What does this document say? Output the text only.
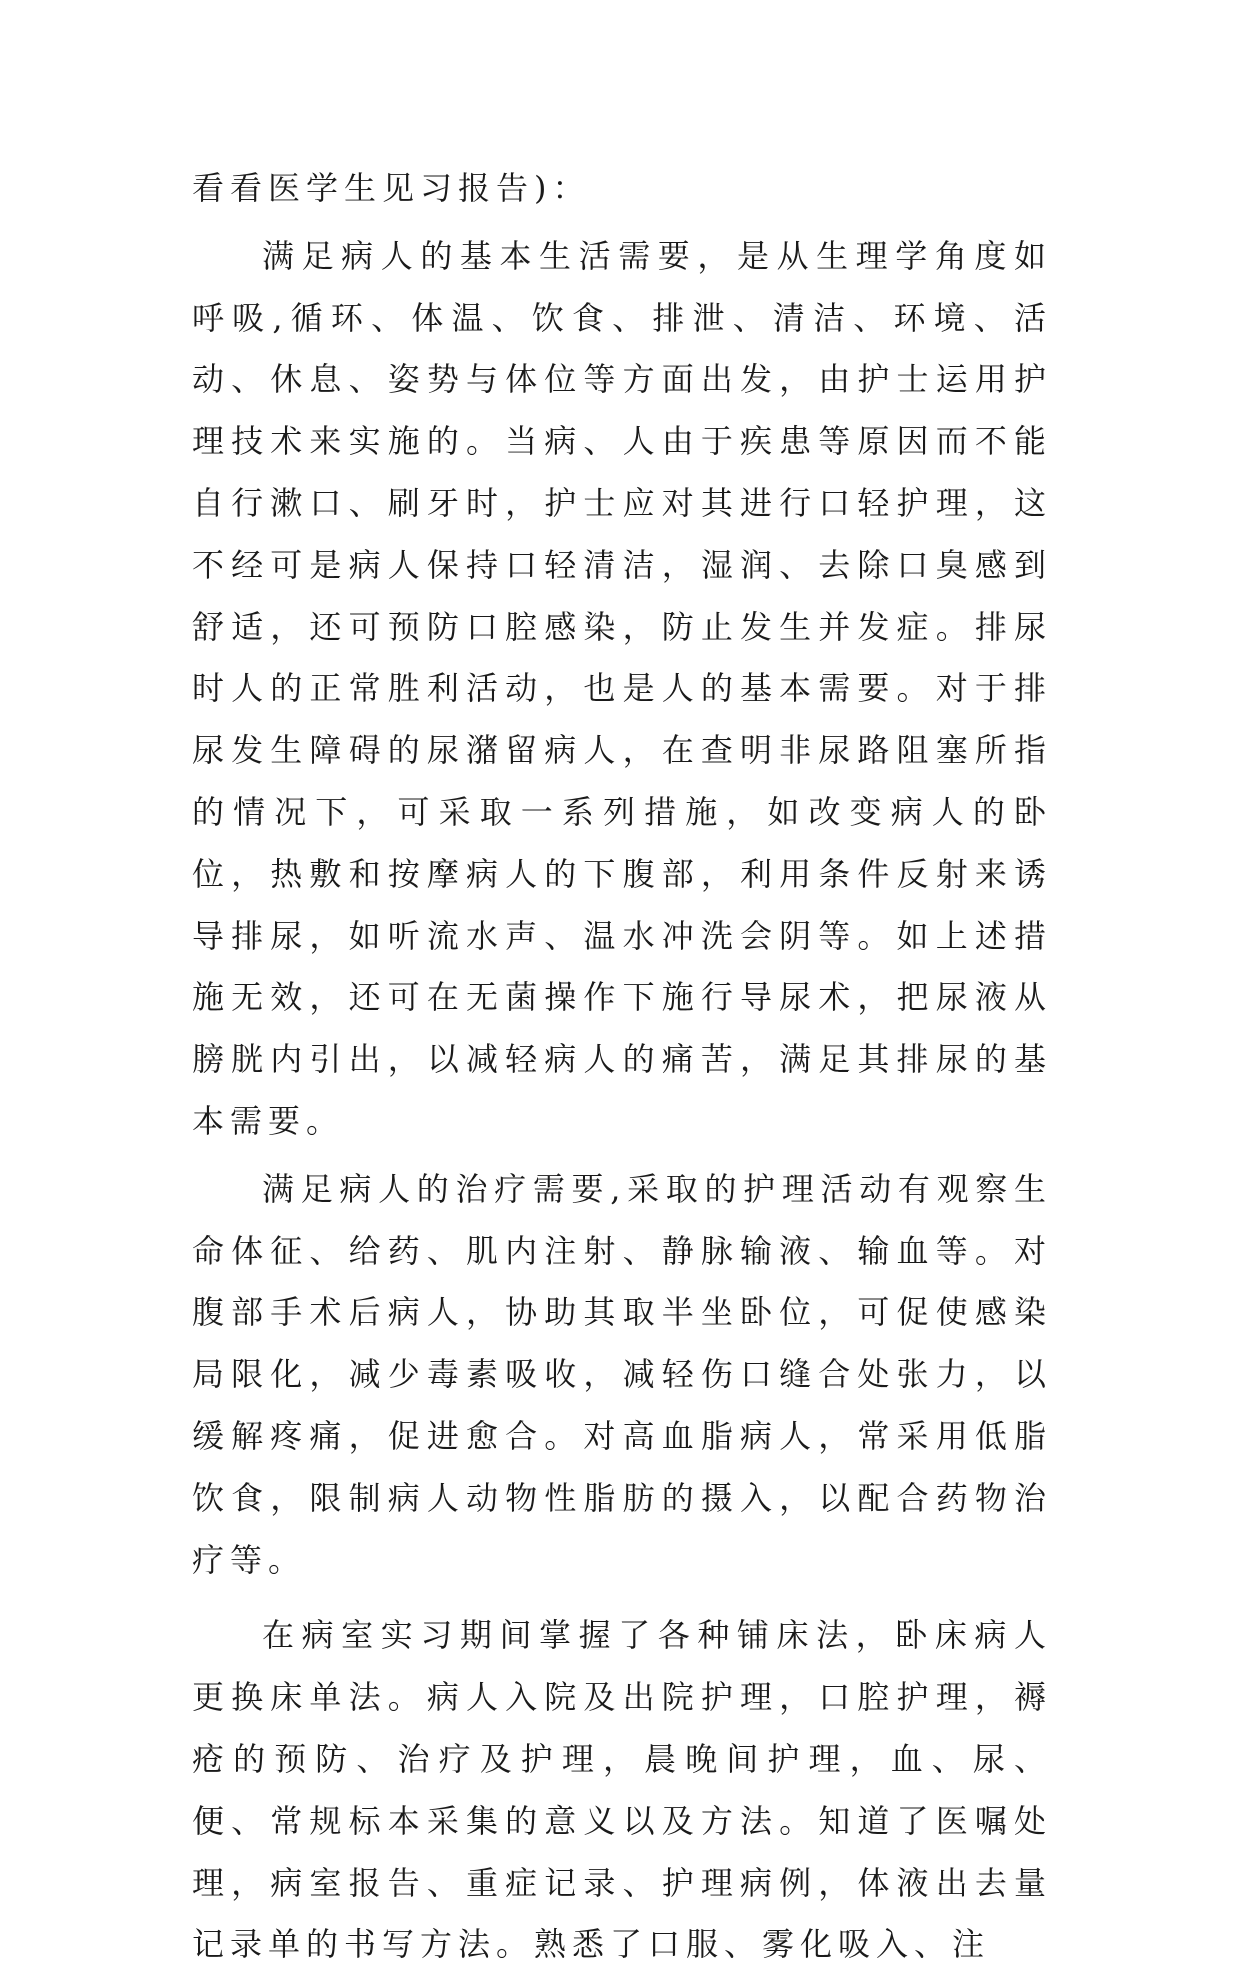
看看医学生见习报告)：

满足病人的基本生活需要，是从生理学角度如呼吸,循环、体温、饮食、排泄、清洁、环境、活动、休息、姿势与体位等方面出发，由护士运用护理技术来实施的。当病、人由于疾患等原因而不能自行漱口、刷牙时，护士应对其进行口轻护理，这不经可是病人保持口轻清洁，湿润、去除口臭感到舒适，还可预防口腔感染，防止发生并发症。排尿时人的正常胜利活动，也是人的基本需要。对于排尿发生障碍的尿潴留病人，在查明非尿路阻塞所指的情况下，可采取一系列措施，如改变病人的卧位，热敷和按摩病人的下腹部，利用条件反射来诱导排尿，如听流水声、温水冲洗会阴等。如上述措施无效，还可在无菌操作下施行导尿术，把尿液从膀胱内引出，以减轻病人的痛苦，满足其排尿的基本需要。

满足病人的治疗需要,采取的护理活动有观察生命体征、给药、肌内注射、静脉输液、输血等。对腹部手术后病人，协助其取半坐卧位，可促使感染局限化，减少毒素吸收，减轻伤口缝合处张力，以缓解疼痛，促进愈合。对高血脂病人，常采用低脂饮食，限制病人动物性脂肪的摄入，以配合药物治疗等。

在病室实习期间掌握了各种铺床法，卧床病人更换床单法。病人入院及出院护理，口腔护理，褥疮的预防、治疗及护理，晨晚间护理，血、尿、便、常规标本采集的意义以及方法。知道了医嘱处理，病室报告、重症记录、护理病例，体液出去量记录单的书写方法。熟悉了口服、雾化吸入、注
